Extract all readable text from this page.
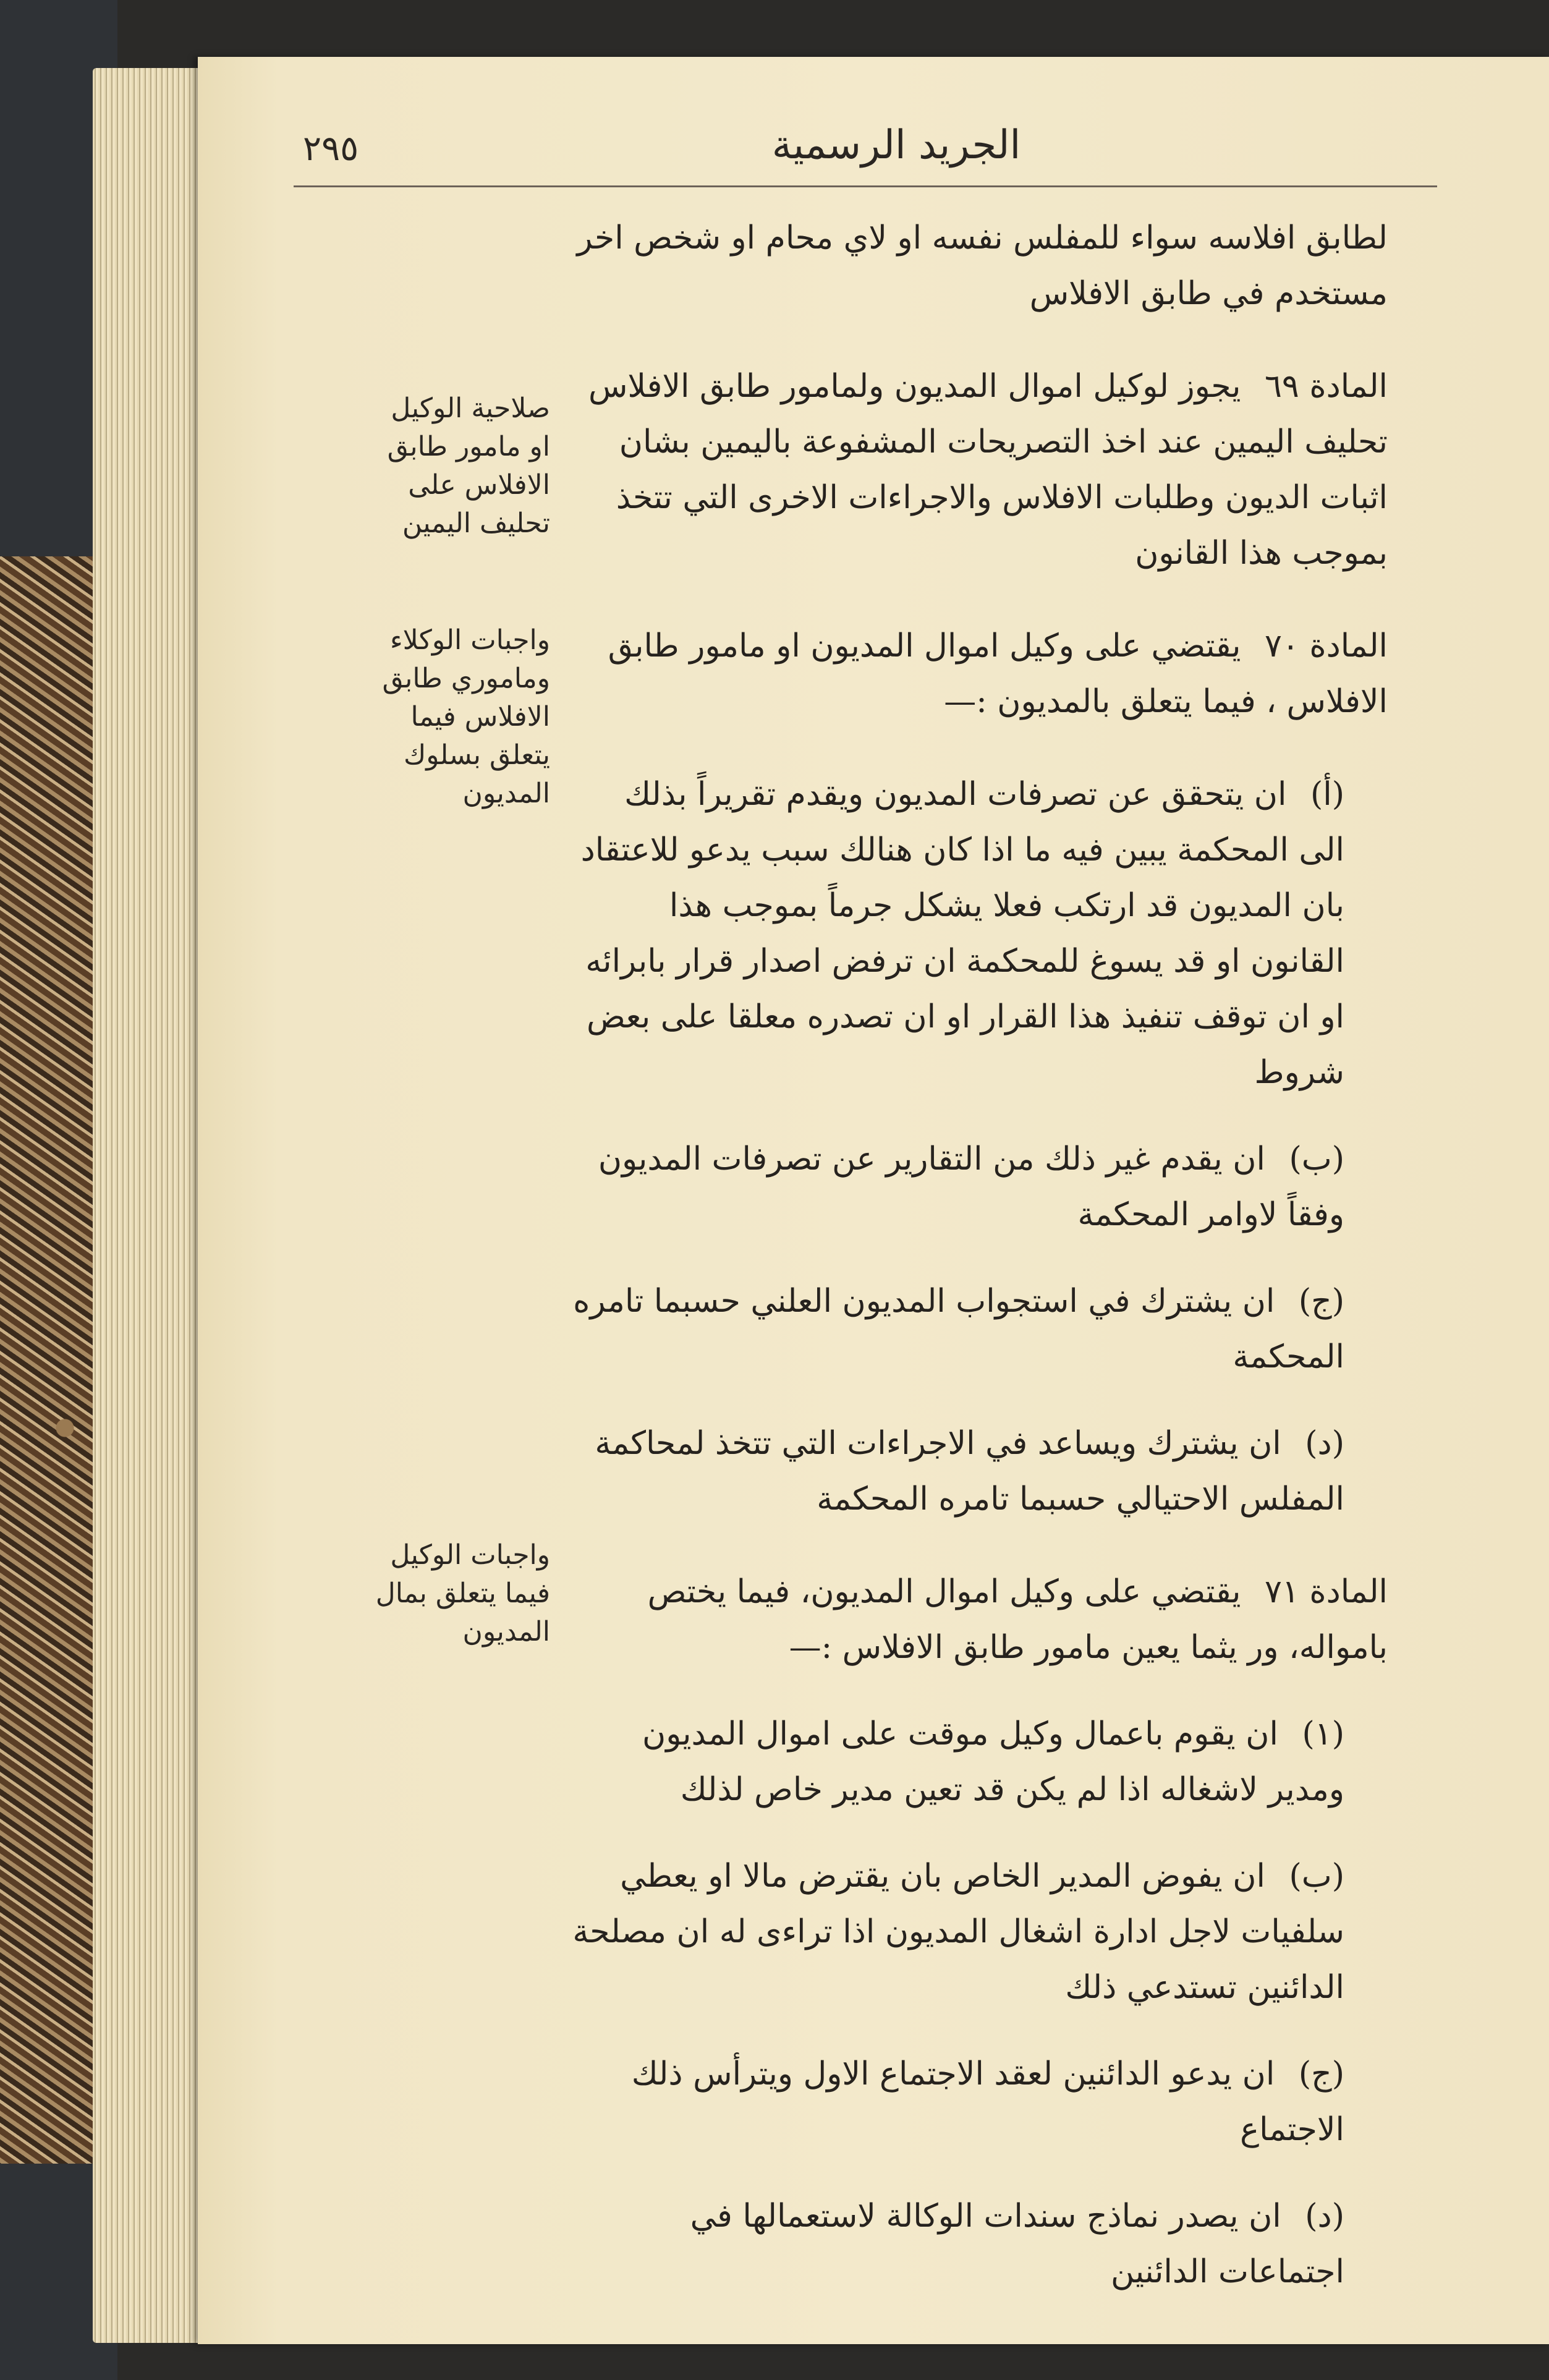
٢٩٥	الجريد الرسمية

لطابق افلاسه سواء للمفلس نفسه او لاي محام او شخص اخر مستخدم في طابق الافلاس

المادة ٦٩ يجوز لوكيل اموال المديون ولمامور طابق الافلاس تحليف اليمين عند اخذ التصريحات المشفوعة باليمين بشان اثبات الديون وطلبات الافلاس والاجراءات الاخرى التي تتخذ بموجب هذا القانون

المادة ٧٠ يقتضي على وكيل اموال المديون او مامور طابق الافلاس ، فيما يتعلق بالمديون :—

(أ) ان يتحقق عن تصرفات المديون ويقدم تقريراً بذلك الى المحكمة يبين فيه ما اذا كان هنالك سبب يدعو للاعتقاد بان المديون قد ارتكب فعلا يشكل جرماً بموجب هذا القانون او قد يسوغ للمحكمة ان ترفض اصدار قرار بابرائه او ان توقف تنفيذ هذا القرار او ان تصدره معلقا على بعض شروط

(ب) ان يقدم غير ذلك من التقارير عن تصرفات المديون وفقاً لاوامر المحكمة

(ج) ان يشترك في استجواب المديون العلني حسبما تامره المحكمة

(د) ان يشترك ويساعد في الاجراءات التي تتخذ لمحاكمة المفلس الاحتيالي حسبما تامره المحكمة

المادة ٧١ يقتضي على وكيل اموال المديون، فيما يختص بامواله، ور يثما يعين مامور طابق الافلاس :—

(١) ان يقوم باعمال وكيل موقت على اموال المديون ومدير لاشغاله اذا لم يكن قد تعين مدير خاص لذلك

(ب) ان يفوض المدير الخاص بان يقترض مالا او يعطي سلفيات لاجل ادارة اشغال المديون اذا تراءى له ان مصلحة الدائنين تستدعي ذلك

(ج) ان يدعو الدائنين لعقد الاجتماع الاول ويترأس ذلك الاجتماع

(د) ان يصدر نماذج سندات الوكالة لاستعمالها في اجتماعات الدائنين

صلاحية الوكيل او مامور طابق الافلاس على تحليف اليمين
واجبات الوكلاء وماموري طابق الافلاس فيما يتعلق بسلوك المديون
واجبات الوكيل فيما يتعلق بمال المديون
